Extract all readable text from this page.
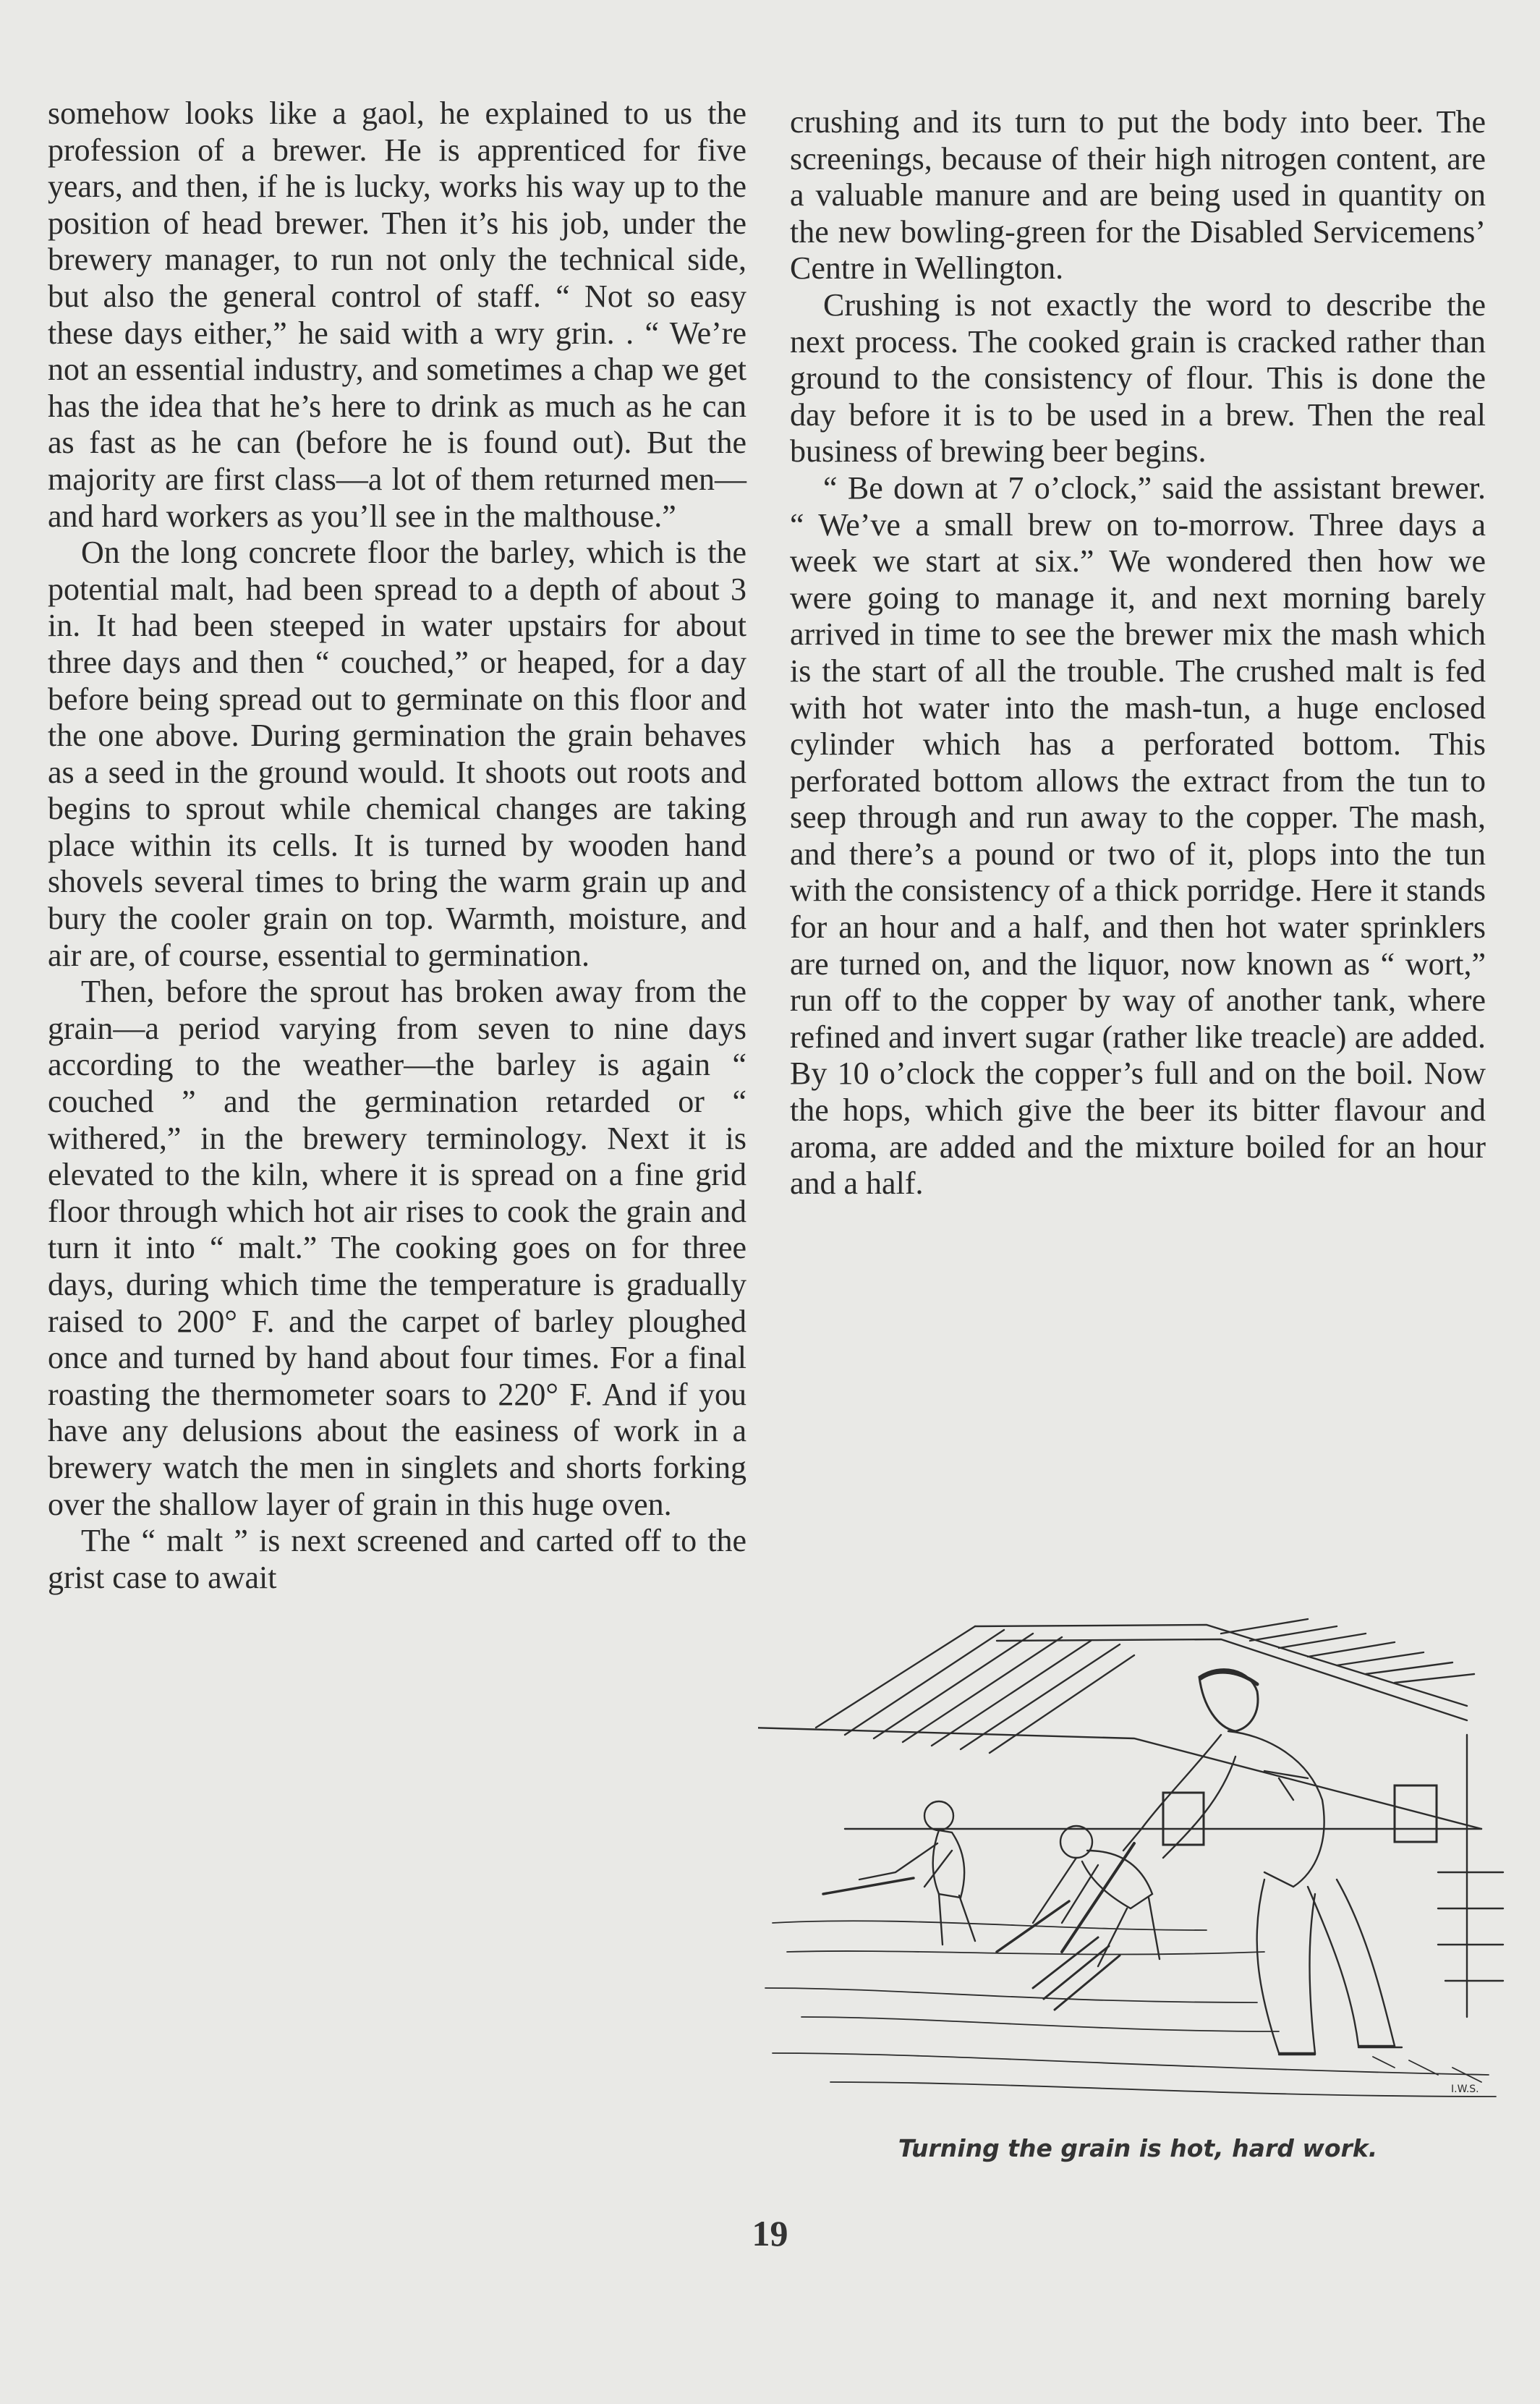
somehow looks like a gaol, he explained to us the profession of a brewer. He is apprenticed for five years, and then, if he is lucky, works his way up to the position of head brewer. Then it’s his job, under the brewery manager, to run not only the technical side, but also the general control of staff. “ Not so easy these days either,” he said with a wry grin. . “ We’re not an essential industry, and sometimes a chap we get has the idea that he’s here to drink as much as he can as fast as he can (before he is found out). But the majority are first class—a lot of them returned men—and hard workers as you’ll see in the malthouse.”

On the long concrete floor the barley, which is the potential malt, had been spread to a depth of about 3 in. It had been steeped in water upstairs for about three days and then “ couched,” or heaped, for a day before being spread out to germinate on this floor and the one above. During germination the grain behaves as a seed in the ground would. It shoots out roots and begins to sprout while chemical changes are taking place within its cells. It is turned by wooden hand shovels several times to bring the warm grain up and bury the cooler grain on top. Warmth, moisture, and air are, of course, essential to germination.

Then, before the sprout has broken away from the grain—a period varying from seven to nine days according to the weather—the barley is again “ couched ” and the germination retarded or “ withered,” in the brewery terminology. Next it is elevated to the kiln, where it is spread on a fine grid floor through which hot air rises to cook the grain and turn it into “ malt.” The cooking goes on for three days, during which time the temperature is gradually raised to 200° F. and the carpet of barley ploughed once and turned by hand about four times. For a final roasting the thermometer soars to 220° F. And if you have any delusions about the easiness of work in a brewery watch the men in singlets and shorts forking over the shallow layer of grain in this huge oven.

The “ malt ” is next screened and carted off to the grist case to await

crushing and its turn to put the body into beer. The screenings, because of their high nitrogen content, are a valuable manure and are being used in quantity on the new bowling-green for the Disabled Servicemens’ Centre in Wellington.

Crushing is not exactly the word to describe the next process. The cooked grain is cracked rather than ground to the consistency of flour. This is done the day before it is to be used in a brew. Then the real business of brewing beer begins.

“ Be down at 7 o’clock,” said the assistant brewer. “ We’ve a small brew on to-morrow. Three days a week we start at six.” We wondered then how we were going to manage it, and next morning barely arrived in time to see the brewer mix the mash which is the start of all the trouble. The crushed malt is fed with hot water into the mash-tun, a huge enclosed cylinder which has a perforated bottom. This perforated bottom allows the extract from the tun to seep through and run away to the copper. The mash, and there’s a pound or two of it, plops into the tun with the consistency of a thick porridge. Here it stands for an hour and a half, and then hot water sprinklers are turned on, and the liquor, now known as “ wort,” run off to the copper by way of another tank, where refined and invert sugar (rather like treacle) are added. By 10 o’clock the copper’s full and on the boil. Now the hops, which give the beer its bitter flavour and aroma, are added and the mixture boiled for an hour and a half.

I.W.S.
Turning the grain is hot, hard work.
19
